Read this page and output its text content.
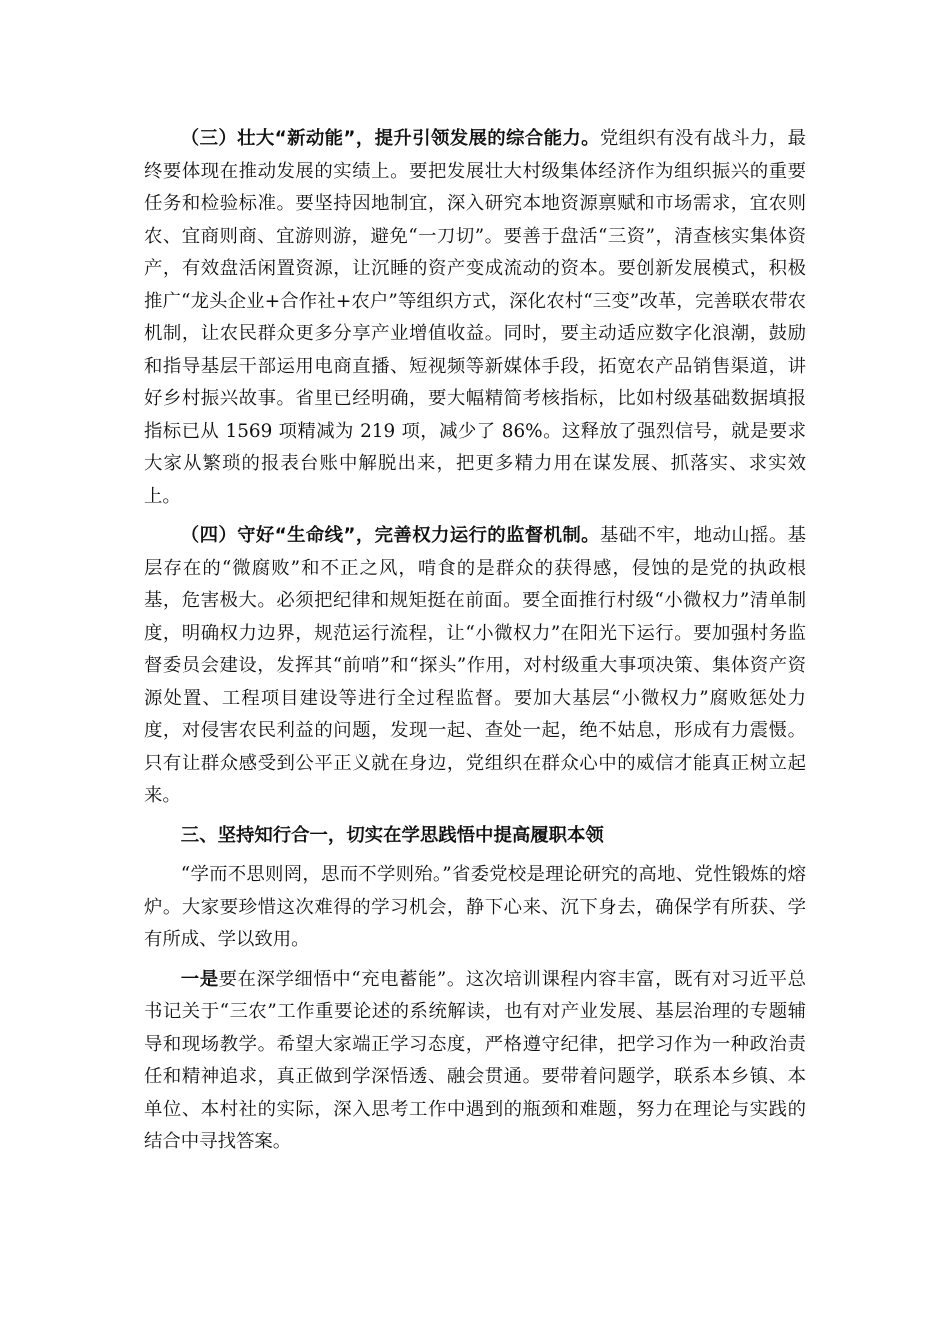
（三）壮大“新动能”，提升引领发展的综合能力。党组织有没有战斗力，最终要体现在推动发展的实绩上。要把发展壮大村级集体经济作为组织振兴的重要任务和检验标准。要坚持因地制宜，深入研究本地资源禀赋和市场需求，宜农则农、宜商则商、宜游则游，避免“一刀切”。要善于盘活“三资”，清查核实集体资产，有效盘活闲置资源，让沉睡的资产变成流动的资本。要创新发展模式，积极推广“龙头企业+合作社+农户”等组织方式，深化农村“三变”改革，完善联农带农机制，让农民群众更多分享产业增值收益。同时，要主动适应数字化浪潮，鼓励和指导基层干部运用电商直播、短视频等新媒体手段，拓宽农产品销售渠道，讲好乡村振兴故事。省里已经明确，要大幅精简考核指标，比如村级基础数据填报指标已从 1569 项精减为 219 项，减少了 86%。这释放了强烈信号，就是要求大家从繁琐的报表台账中解脱出来，把更多精力用在谋发展、抓落实、求实效上。

（四）守好“生命线”，完善权力运行的监督机制。基础不牢，地动山摇。基层存在的“微腐败”和不正之风，啃食的是群众的获得感，侵蚀的是党的执政根基，危害极大。必须把纪律和规矩挺在前面。要全面推行村级“小微权力”清单制度，明确权力边界，规范运行流程，让“小微权力”在阳光下运行。要加强村务监督委员会建设，发挥其“前哨”和“探头”作用，对村级重大事项决策、集体资产资源处置、工程项目建设等进行全过程监督。要加大基层“小微权力”腐败惩处力度，对侵害农民利益的问题，发现一起、查处一起，绝不姑息，形成有力震慑。只有让群众感受到公平正义就在身边，党组织在群众心中的威信才能真正树立起来。

三、坚持知行合一，切实在学思践悟中提高履职本领

“学而不思则罔，思而不学则殆。”省委党校是理论研究的高地、党性锻炼的熔炉。大家要珍惜这次难得的学习机会，静下心来、沉下身去，确保学有所获、学有所成、学以致用。

一是要在深学细悟中“充电蓄能”。这次培训课程内容丰富，既有对习近平总书记关于“三农”工作重要论述的系统解读，也有对产业发展、基层治理的专题辅导和现场教学。希望大家端正学习态度，严格遵守纪律，把学习作为一种政治责任和精神追求，真正做到学深悟透、融会贯通。要带着问题学，联系本乡镇、本单位、本村社的实际，深入思考工作中遇到的瓶颈和难题，努力在理论与实践的结合中寻找答案。
